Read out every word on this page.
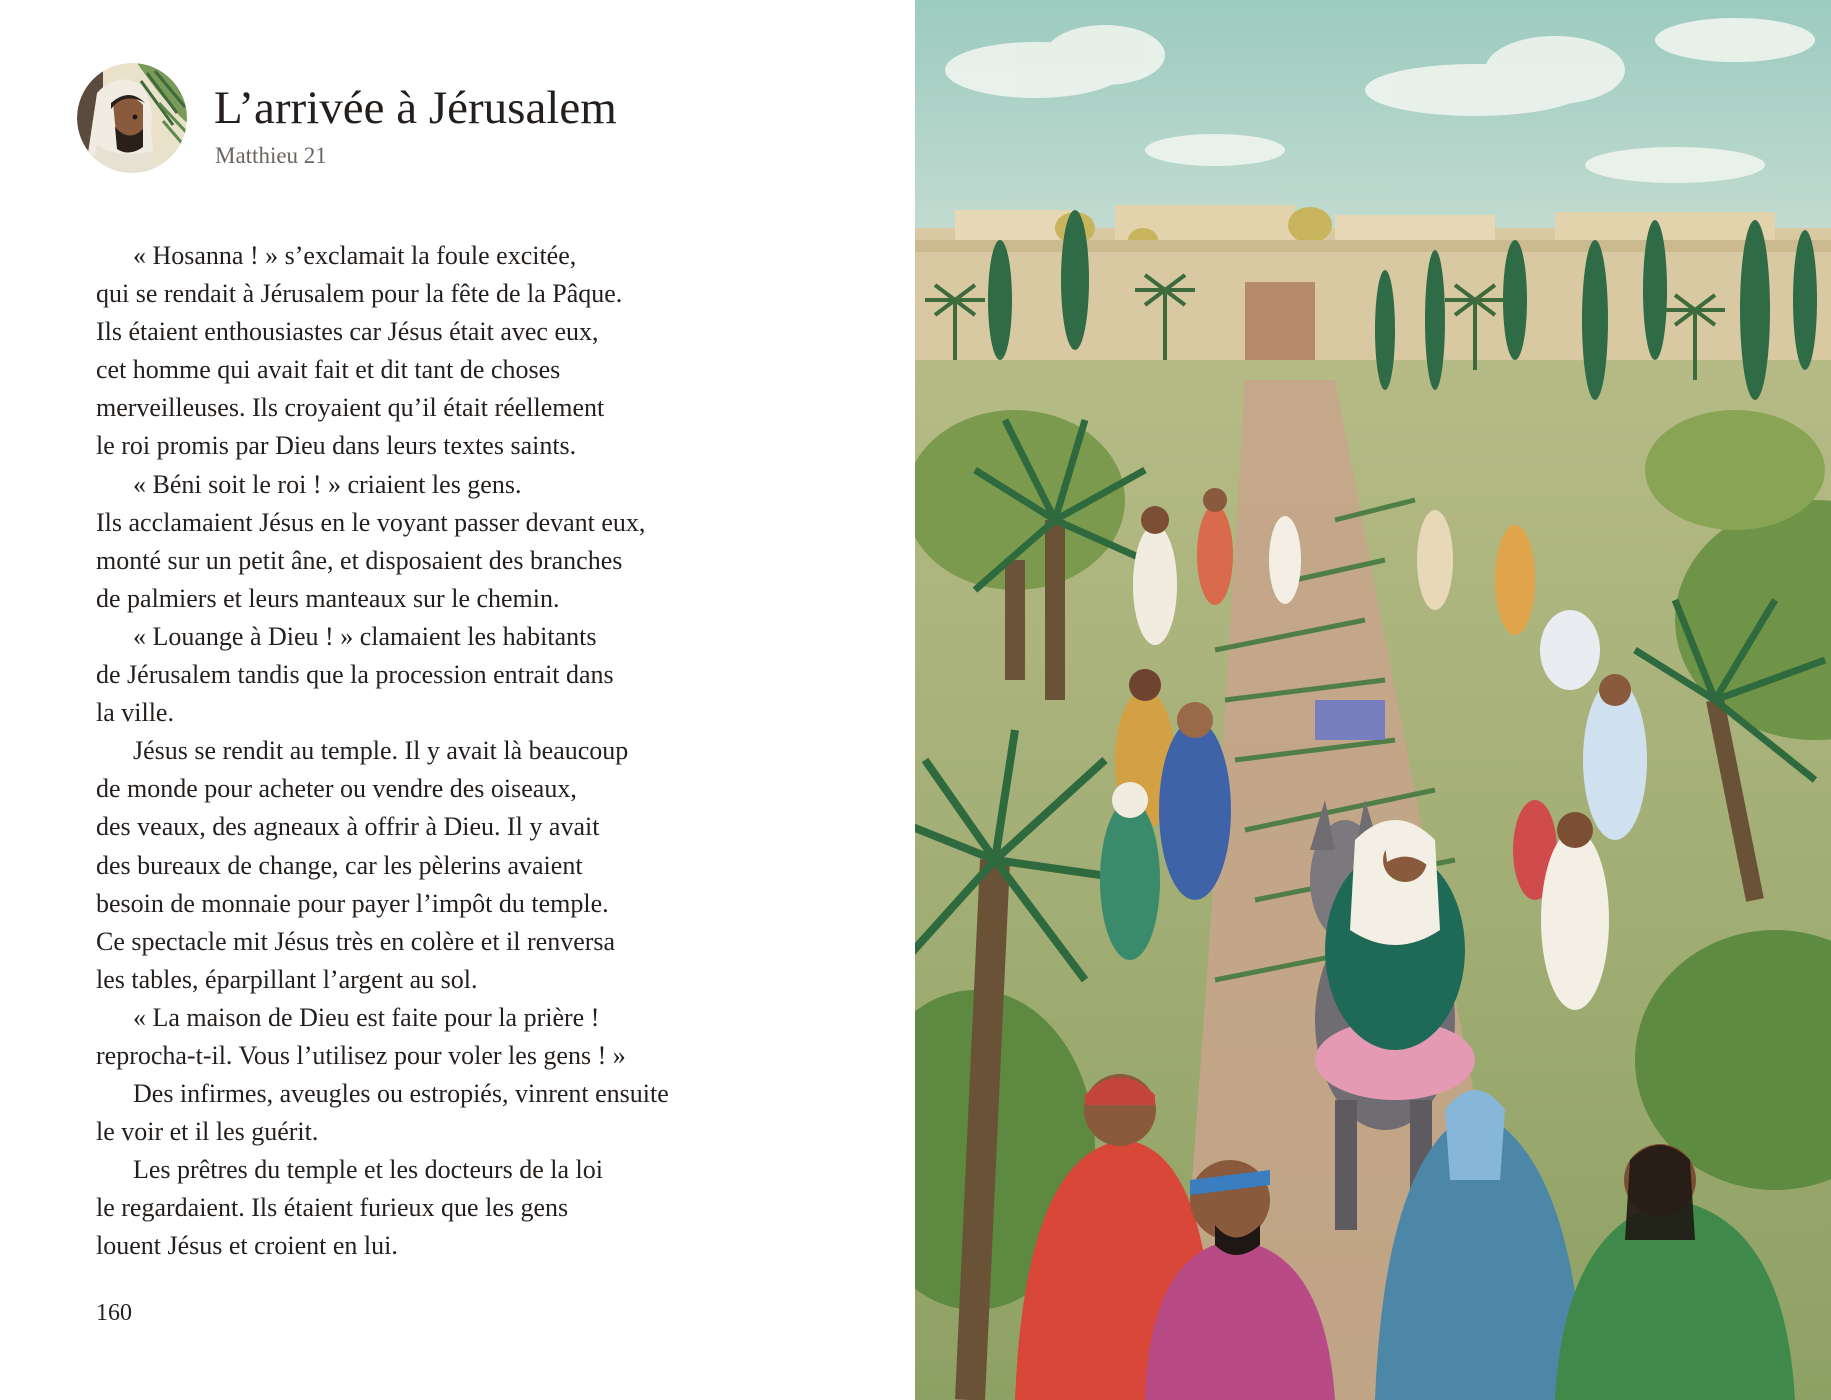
L’arrivée à Jérusalem
Matthieu 21
« Hosanna ! » s’exclamait la foule excitée,
qui se rendait à Jérusalem pour la fête de la Pâque.
Ils étaient enthousiastes car Jésus était avec eux,
cet homme qui avait fait et dit tant de choses
merveilleuses. Ils croyaient qu’il était réellement
le roi promis par Dieu dans leurs textes saints.
« Béni soit le roi ! » criaient les gens.
Ils acclamaient Jésus en le voyant passer devant eux,
monté sur un petit âne, et disposaient des branches
de palmiers et leurs manteaux sur le chemin.
« Louange à Dieu ! » clamaient les habitants
de Jérusalem tandis que la procession entrait dans
la ville.
Jésus se rendit au temple. Il y avait là beaucoup
de monde pour acheter ou vendre des oiseaux,
des veaux, des agneaux à offrir à Dieu. Il y avait
des bureaux de change, car les pèlerins avaient
besoin de monnaie pour payer l’impôt du temple.
Ce spectacle mit Jésus très en colère et il renversa
les tables, éparpillant l’argent au sol.
« La maison de Dieu est faite pour la prière !
reprocha-t-il. Vous l’utilisez pour voler les gens ! »
Des infirmes, aveugles ou estropiés, vinrent ensuite
le voir et il les guérit.
Les prêtres du temple et les docteurs de la loi
le regardaient. Ils étaient furieux que les gens
louent Jésus et croient en lui.
160
